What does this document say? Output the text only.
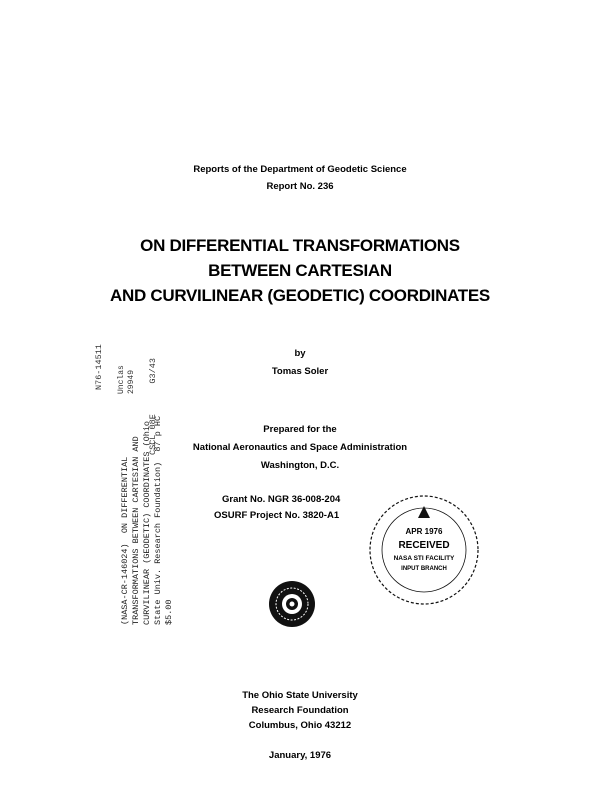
Reports of the Department of Geodetic Science
Report No. 236
ON DIFFERENTIAL TRANSFORMATIONS
BETWEEN CARTESIAN
AND CURVILINEAR (GEODETIC) COORDINATES
by
Tomas Soler
Prepared for the
National Aeronautics and Space Administration
Washington, D.C.
Grant No. NGR 36-008-204
OSURF Project No. 3820-A1
The Ohio State University
Research Foundation
Columbus, Ohio 43212
January, 1976
(NASA-CR-146024)  ON DIFFERENTIAL
TRANSFORMATIONS BETWEEN CARTESIAN AND
CURVILINEAR (GEODETIC) COORDINATES (Ohio
State Univ. Research Foundation)  87 p HC
$5.00
N76-14511 Unclas
29949 CSCL 08E      G3/43
APR 1976
RECEIVED
NASA STI FACILITY
INPUT BRANCH
